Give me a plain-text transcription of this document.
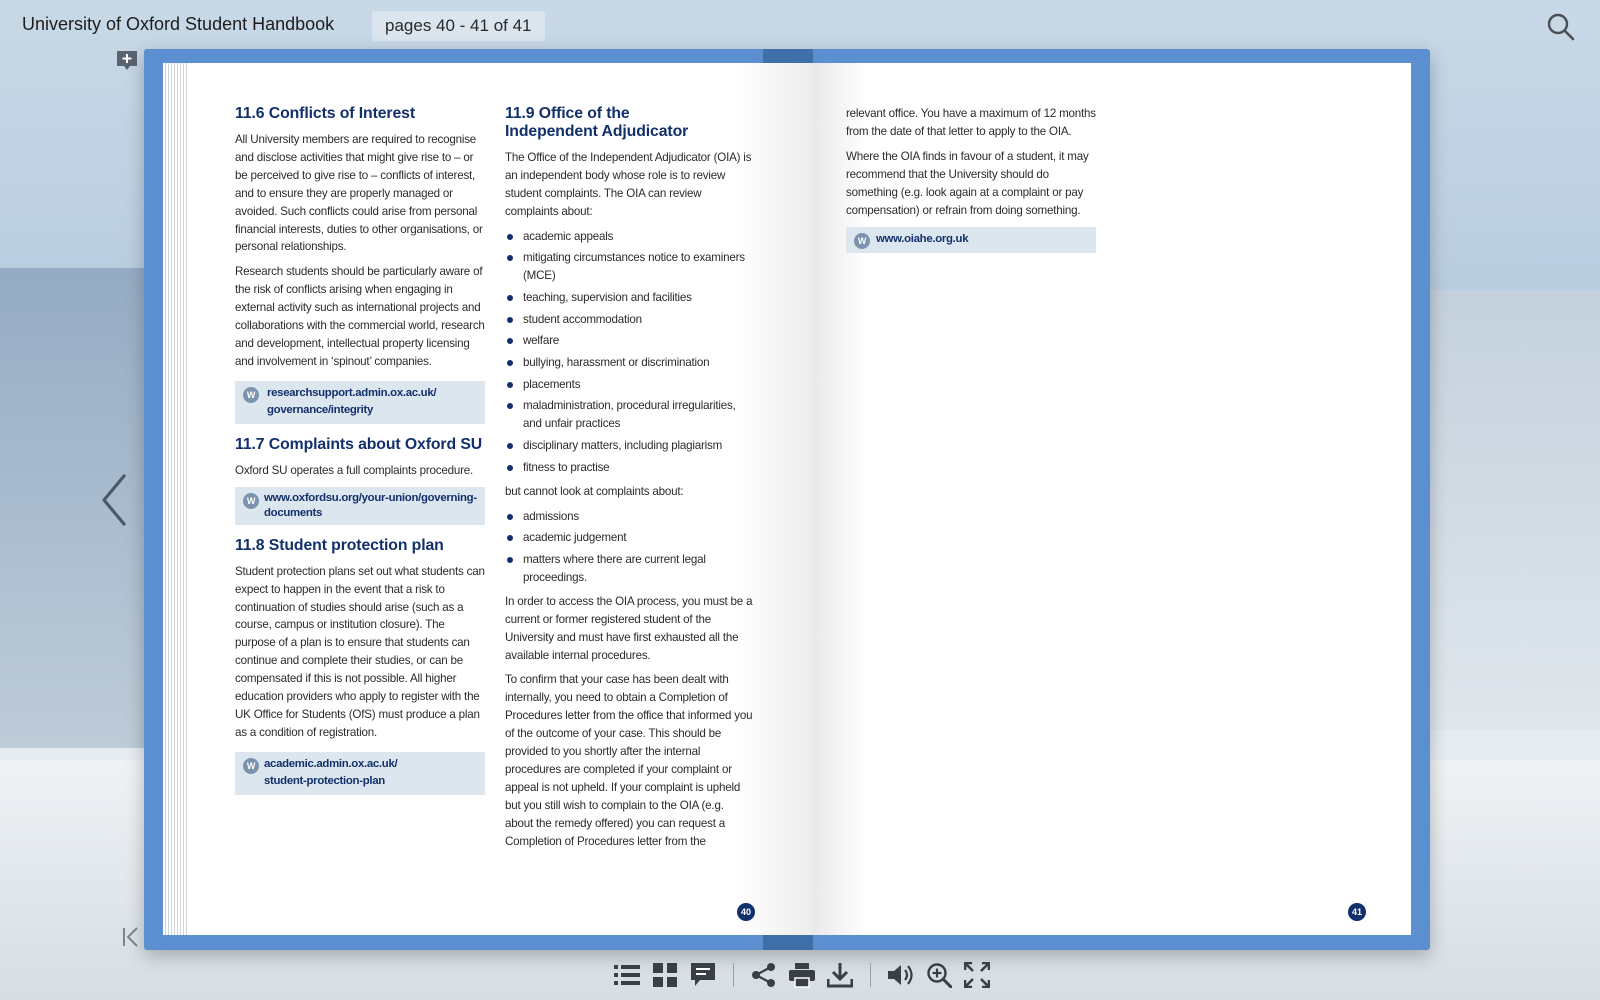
University of Oxford Student Handbook	pages 40 - 41 of 41
11.6 Conflicts of Interest

All University members are required to recognise and disclose activities that might give rise to – or be perceived to give rise to – conflicts of interest, and to ensure they are properly managed or avoided. Such conflicts could arise from personal financial interests, duties to other organisations, or personal relationships.

Research students should be particularly aware of the risk of conflicts arising when engaging in external activity such as international projects and collaborations with the commercial world, research and development, intellectual property licensing and involvement in ‘spinout’ companies.

W	researchsupport.admin.ox.ac.uk/
governance/integrity
11.7 Complaints about Oxford SU

Oxford SU operates a full complaints procedure.

W www.oxfordsu.org/your-union/governing-
documents
11.8 Student protection plan

Student protection plans set out what students can expect to happen in the event that a risk to continuation of studies should arise (such as a course, campus or institution closure). The purpose of a plan is to ensure that students can continue and complete their studies, or can be compensated if this is not possible. All higher education providers who apply to register with the UK Office for Students (OfS) must produce a plan as a condition of registration.

W academic.admin.ox.ac.uk/
student-protection-plan
11.9 Office of the
Independent Adjudicator

The Office of the Independent Adjudicator (OIA) is an independent body whose role is to review student complaints. The OIA can review complaints about:

academic appeals
mitigating circumstances notice to examiners (MCE)
teaching, supervision and facilities
student accommodation
welfare
bullying, harassment or discrimination
placements
maladministration, procedural irregularities, and unfair practices
disciplinary matters, including plagiarism
fitness to practise

but cannot look at complaints about:

admissions
academic judgement
matters where there are current legal proceedings.

In order to access the OIA process, you must be a current or former registered student of the University and must have first exhausted all the available internal procedures.

To confirm that your case has been dealt with internally, you need to obtain a Completion of Procedures letter from the office that informed you of the outcome of your case. This should be provided to you shortly after the internal procedures are completed if your complaint or appeal is not upheld. If your complaint is upheld but you still wish to complain to the OIA (e.g. about the remedy offered) you can request a Completion of Procedures letter from the

40

relevant office. You have a maximum of 12 months from the date of that letter to apply to the OIA.

Where the OIA finds in favour of a student, it may recommend that the University should do something (e.g. look again at a complaint or pay compensation) or refrain from doing something.

W www.oiahe.org.uk
41
